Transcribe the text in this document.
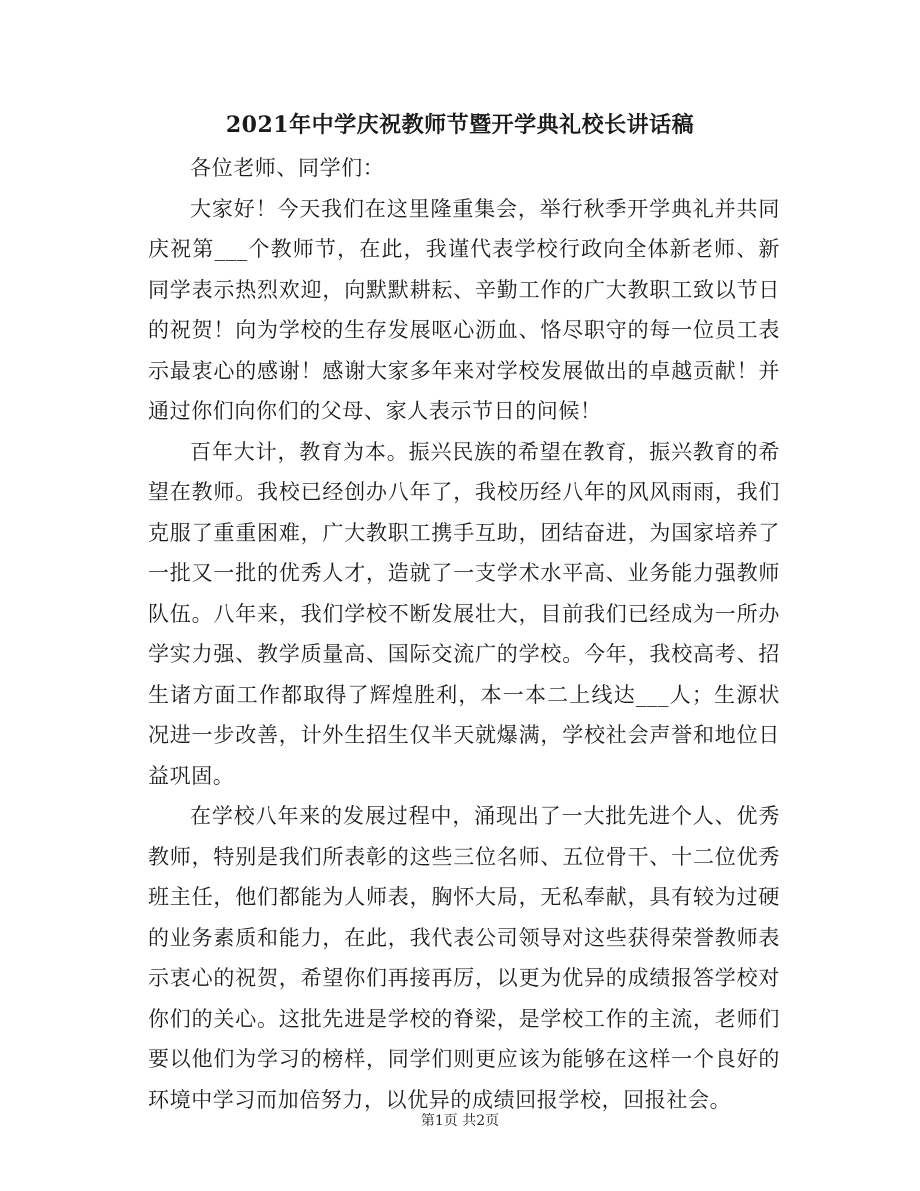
2021年中学庆祝教师节暨开学典礼校长讲话稿

各位老师、同学们：

大家好！今天我们在这里隆重集会，举行秋季开学典礼并共同庆祝第___个教师节，在此，我谨代表学校行政向全体新老师、新同学表示热烈欢迎，向默默耕耘、辛勤工作的广大教职工致以节日的祝贺！向为学校的生存发展呕心沥血、恪尽职守的每一位员工表示最衷心的感谢！感谢大家多年来对学校发展做出的卓越贡献！并通过你们向你们的父母、家人表示节日的问候！

百年大计，教育为本。振兴民族的希望在教育，振兴教育的希望在教师。我校已经创办八年了，我校历经八年的风风雨雨，我们克服了重重困难，广大教职工携手互助，团结奋进，为国家培养了一批又一批的优秀人才，造就了一支学术水平高、业务能力强教师队伍。八年来，我们学校不断发展壮大，目前我们已经成为一所办学实力强、教学质量高、国际交流广的学校。今年，我校高考、招生诸方面工作都取得了辉煌胜利，本一本二上线达___人；生源状况进一步改善，计外生招生仅半天就爆满，学校社会声誉和地位日益巩固。

在学校八年来的发展过程中，涌现出了一大批先进个人、优秀教师，特别是我们所表彰的这些三位名师、五位骨干、十二位优秀班主任，他们都能为人师表，胸怀大局，无私奉献，具有较为过硬的业务素质和能力，在此，我代表公司领导对这些获得荣誉教师表示衷心的祝贺，希望你们再接再厉，以更为优异的成绩报答学校对你们的关心。这批先进是学校的脊梁，是学校工作的主流，老师们要以他们为学习的榜样，同学们则更应该为能够在这样一个良好的环境中学习而加倍努力，以优异的成绩回报学校，回报社会。

第1页 共2页
